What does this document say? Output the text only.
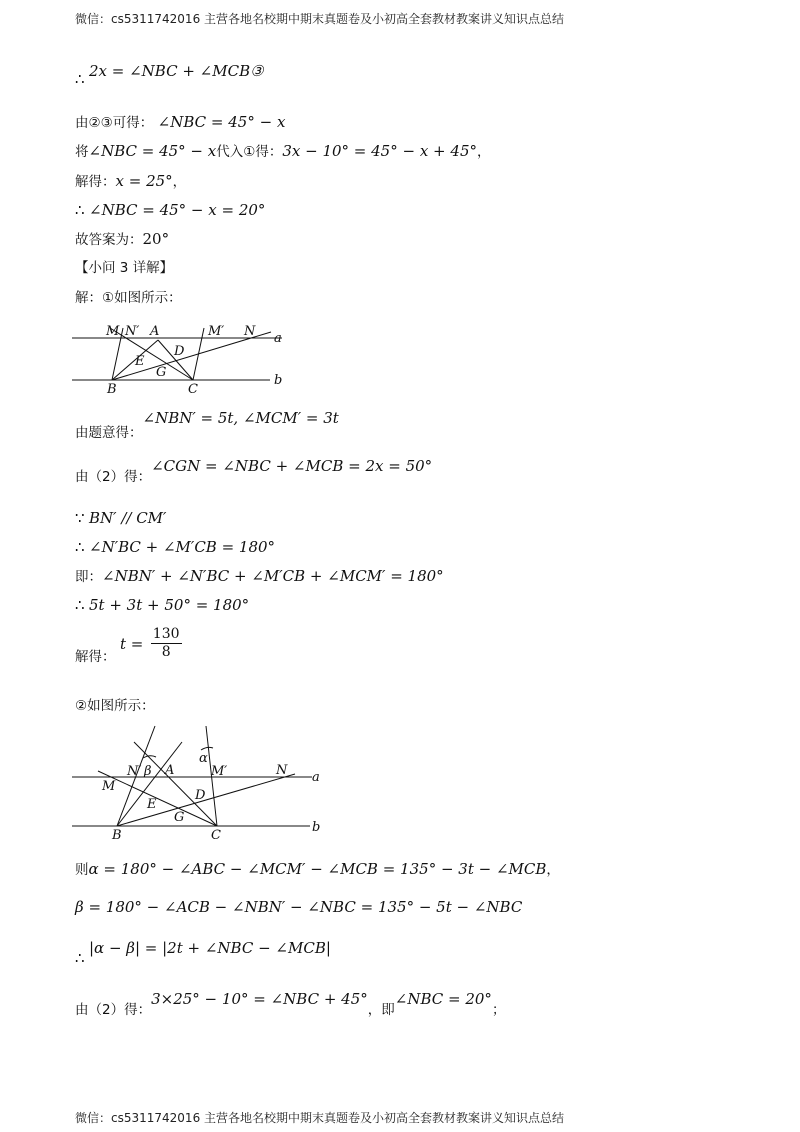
微信：cs5311742016 主营各地名校期中期末真题卷及小初高全套教材教案讲义知识点总结
∴ 2x = ∠NBC + ∠MCB③
由②③可得： ∠NBC = 45° − x
将∠NBC = 45° − x代入①得：3x − 10° = 45° − x + 45°，
解得：x = 25°，
∴ ∠NBC = 45° − x = 20°
故答案为：20°
【小问 3 详解】
解：①如图所示：
M N′ A	M′ N a
E
D
G
B	C
b
由题意得：∠NBN′ = 5t, ∠MCM′ = 3t
由（2）得：∠CGN = ∠NBC + ∠MCB = 2x = 50°
∵ BN′ // CM′
∴ ∠N′BC + ∠M′CB = 180°
即：∠NBN′ + ∠N′BC + ∠M′CB + ∠MCM′ = 180°
∴ 5t + 3t + 50° = 180°
解得： $t = \frac{130}{8}$
②如图所示：
N′ β A
α
M′	N a
M
E
D
G
B	C
b
则α = 180° − ∠ABC − ∠MCM′ − ∠MCB = 135° − 3t − ∠MCB，
β = 180° − ∠ACB − ∠NBN′ − ∠NBC = 135° − 5t − ∠NBC
∴ |α − β| = |2t + ∠NBC − ∠MCB|
由（2）得：3×25° − 10° = ∠NBC + 45°，即∠NBC = 20°；
微信：cs5311742016 主营各地名校期中期末真题卷及小初高全套教材教案讲义知识点总结
